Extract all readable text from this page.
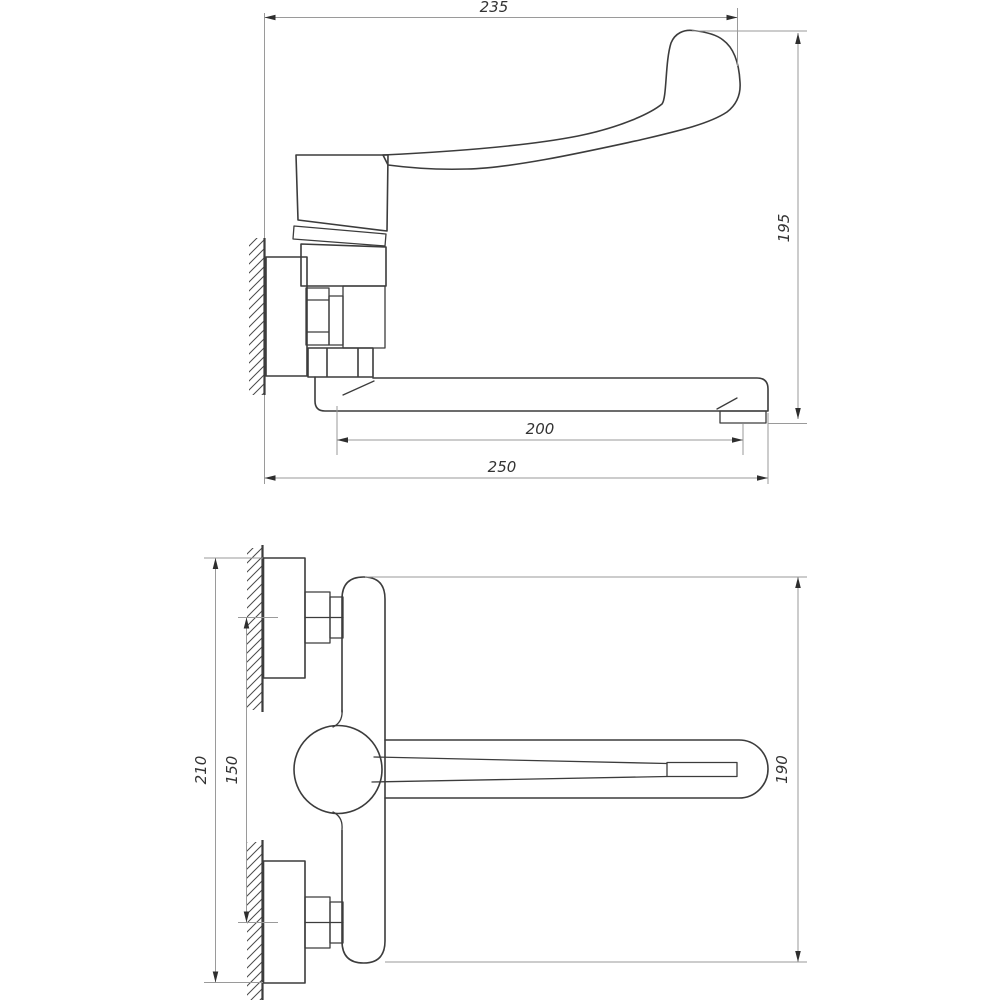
235
195
200
250
210 150	190
